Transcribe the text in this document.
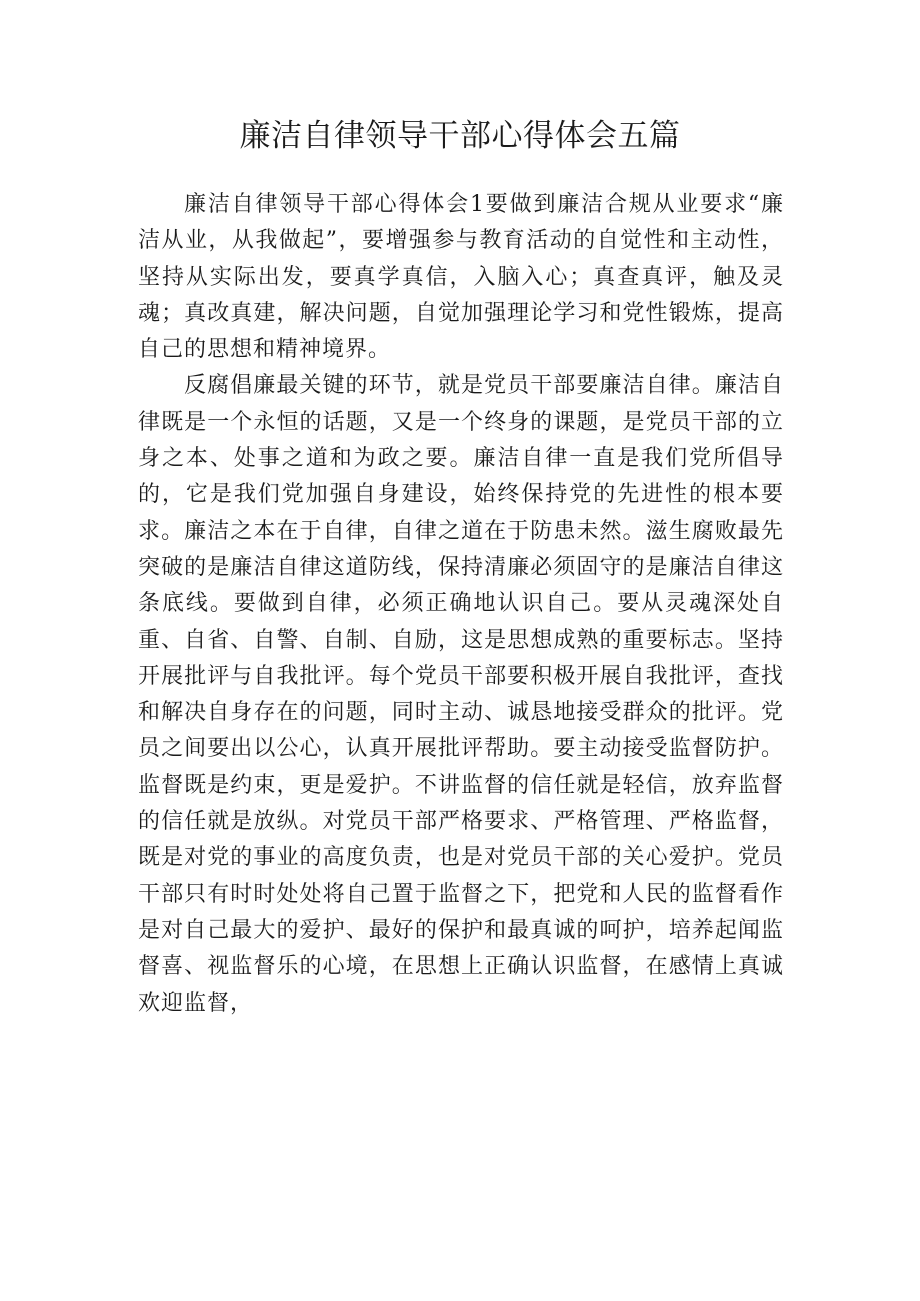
廉洁自律领导干部心得体会五篇

廉洁自律领导干部心得体会1要做到廉洁合规从业要求“廉洁从业，从我做起”，要增强参与教育活动的自觉性和主动性，坚持从实际出发，要真学真信，入脑入心；真查真评，触及灵魂；真改真建，解决问题，自觉加强理论学习和党性锻炼，提高自己的思想和精神境界。

反腐倡廉最关键的环节，就是党员干部要廉洁自律。廉洁自律既是一个永恒的话题，又是一个终身的课题，是党员干部的立身之本、处事之道和为政之要。廉洁自律一直是我们党所倡导的，它是我们党加强自身建设，始终保持党的先进性的根本要求。廉洁之本在于自律，自律之道在于防患未然。滋生腐败最先突破的是廉洁自律这道防线，保持清廉必须固守的是廉洁自律这条底线。要做到自律，必须正确地认识自己。要从灵魂深处自重、自省、自警、自制、自励，这是思想成熟的重要标志。坚持开展批评与自我批评。每个党员干部要积极开展自我批评，查找和解决自身存在的问题，同时主动、诚恳地接受群众的批评。党员之间要出以公心，认真开展批评帮助。要主动接受监督防护。监督既是约束，更是爱护。不讲监督的信任就是轻信，放弃监督的信任就是放纵。对党员干部严格要求、严格管理、严格监督，既是对党的事业的高度负责，也是对党员干部的关心爱护。党员干部只有时时处处将自己置于监督之下，把党和人民的监督看作是对自己最大的爱护、最好的保护和最真诚的呵护，培养起闻监督喜、视监督乐的心境，在思想上正确认识监督，在感情上真诚欢迎监督，
